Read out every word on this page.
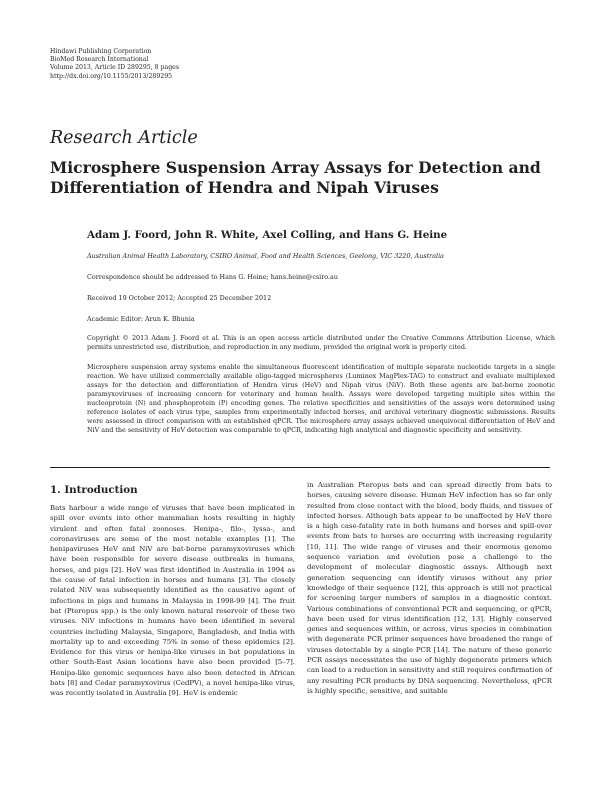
Hindawi Publishing Corporation
BioMed Research International
Volume 2013, Article ID 289295, 8 pages
http://dx.doi.org/10.1155/2013/289295
Research Article
Microsphere Suspension Array Assays for Detection and Differentiation of Hendra and Nipah Viruses
Adam J. Foord, John R. White, Axel Colling, and Hans G. Heine
Australian Animal Health Laboratory, CSIRO Animal, Food and Health Sciences, Geelong, VIC 3220, Australia
Correspondence should be addressed to Hans G. Heine; hans.heine@csiro.au
Received 19 October 2012; Accepted 25 December 2012
Academic Editor: Arun K. Bhunia
Copyright © 2013 Adam J. Foord et al. This is an open access article distributed under the Creative Commons Attribution License, which permits unrestricted use, distribution, and reproduction in any medium, provided the original work is properly cited.
Microsphere suspension array systems enable the simultaneous fluorescent identification of multiple separate nucleotide targets in a single reaction. We have utilized commercially available oligo-tagged microspheres (Luminex MagPlex-TAG) to construct and evaluate multiplexed assays for the detection and differentiation of Hendra virus (HeV) and Nipah virus (NiV). Both these agents are bat-borne zoonotic paramyxoviruses of increasing concern for veterinary and human health. Assays were developed targeting multiple sites within the nucleoprotein (N) and phosphoprotein (P) encoding genes. The relative specificities and sensitivities of the assays were determined using reference isolates of each virus type, samples from experimentally infected horses, and archival veterinary diagnostic submissions. Results were assessed in direct comparison with an established qPCR. The microsphere array assays achieved unequivocal differentiation of HeV and NiV and the sensitivity of HeV detection was comparable to qPCR, indicating high analytical and diagnostic specificity and sensitivity.
1. Introduction

Bats harbour a wide range of viruses that have been implicated in spill over events into other mammalian hosts resulting in highly virulent and often fatal zoonoses. Henipa-, filo-, lyssa-, and coronaviruses are some of the most notable examples [1]. The henipaviruses HeV and NiV are bat-borne paramyxoviruses which have been responsible for severe disease outbreaks in humans, horses, and pigs [2]. HeV was first identified in Australia in 1994 as the cause of fatal infection in horses and humans [3]. The closely related NiV was subsequently identified as the causative agent of infections in pigs and humans in Malaysia in 1998-99 [4]. The fruit bat (Pteropus spp.) is the only known natural reservoir of these two viruses. NiV infections in humans have been identified in several countries including Malaysia, Singapore, Bangladesh, and India with mortality up to and exceeding 75% in some of these epidemics [2]. Evidence for this virus or henipa-like viruses in bat populations in other South-East Asian locations have also been provided [5–7]. Henipa-like genomic sequences have also been detected in African bats [8] and Cedar paramyxovirus (CedPV), a novel henipa-like virus, was recently isolated in Australia [9]. HeV is endemic

in Australian Pteropus bats and can spread directly from bats to horses, causing severe disease. Human HeV infection has so far only resulted from close contact with the blood, body fluids, and tissues of infected horses. Although bats appear to be unaffected by HeV there is a high case-fatality rate in both humans and horses and spill-over events from bats to horses are occurring with increasing regularity [10, 11]. The wide range of viruses and their enormous genome sequence variation and evolution pose a challenge to the development of molecular diagnostic assays. Although next generation sequencing can identify viruses without any prior knowledge of their sequence [12], this approach is still not practical for screening larger numbers of samples in a diagnostic context. Various combinations of conventional PCR and sequencing, or qPCR, have been used for virus identification [12, 13]. Highly conserved genes and sequences within, or across, virus species in combination with degenerate PCR primer sequences have broadened the range of viruses detectable by a single PCR [14]. The nature of these generic PCR assays necessitates the use of highly degenerate primers which can lead to a reduction in sensitivity and still requires confirmation of any resulting PCR products by DNA sequencing. Nevertheless, qPCR is highly specific, sensitive, and suitable
